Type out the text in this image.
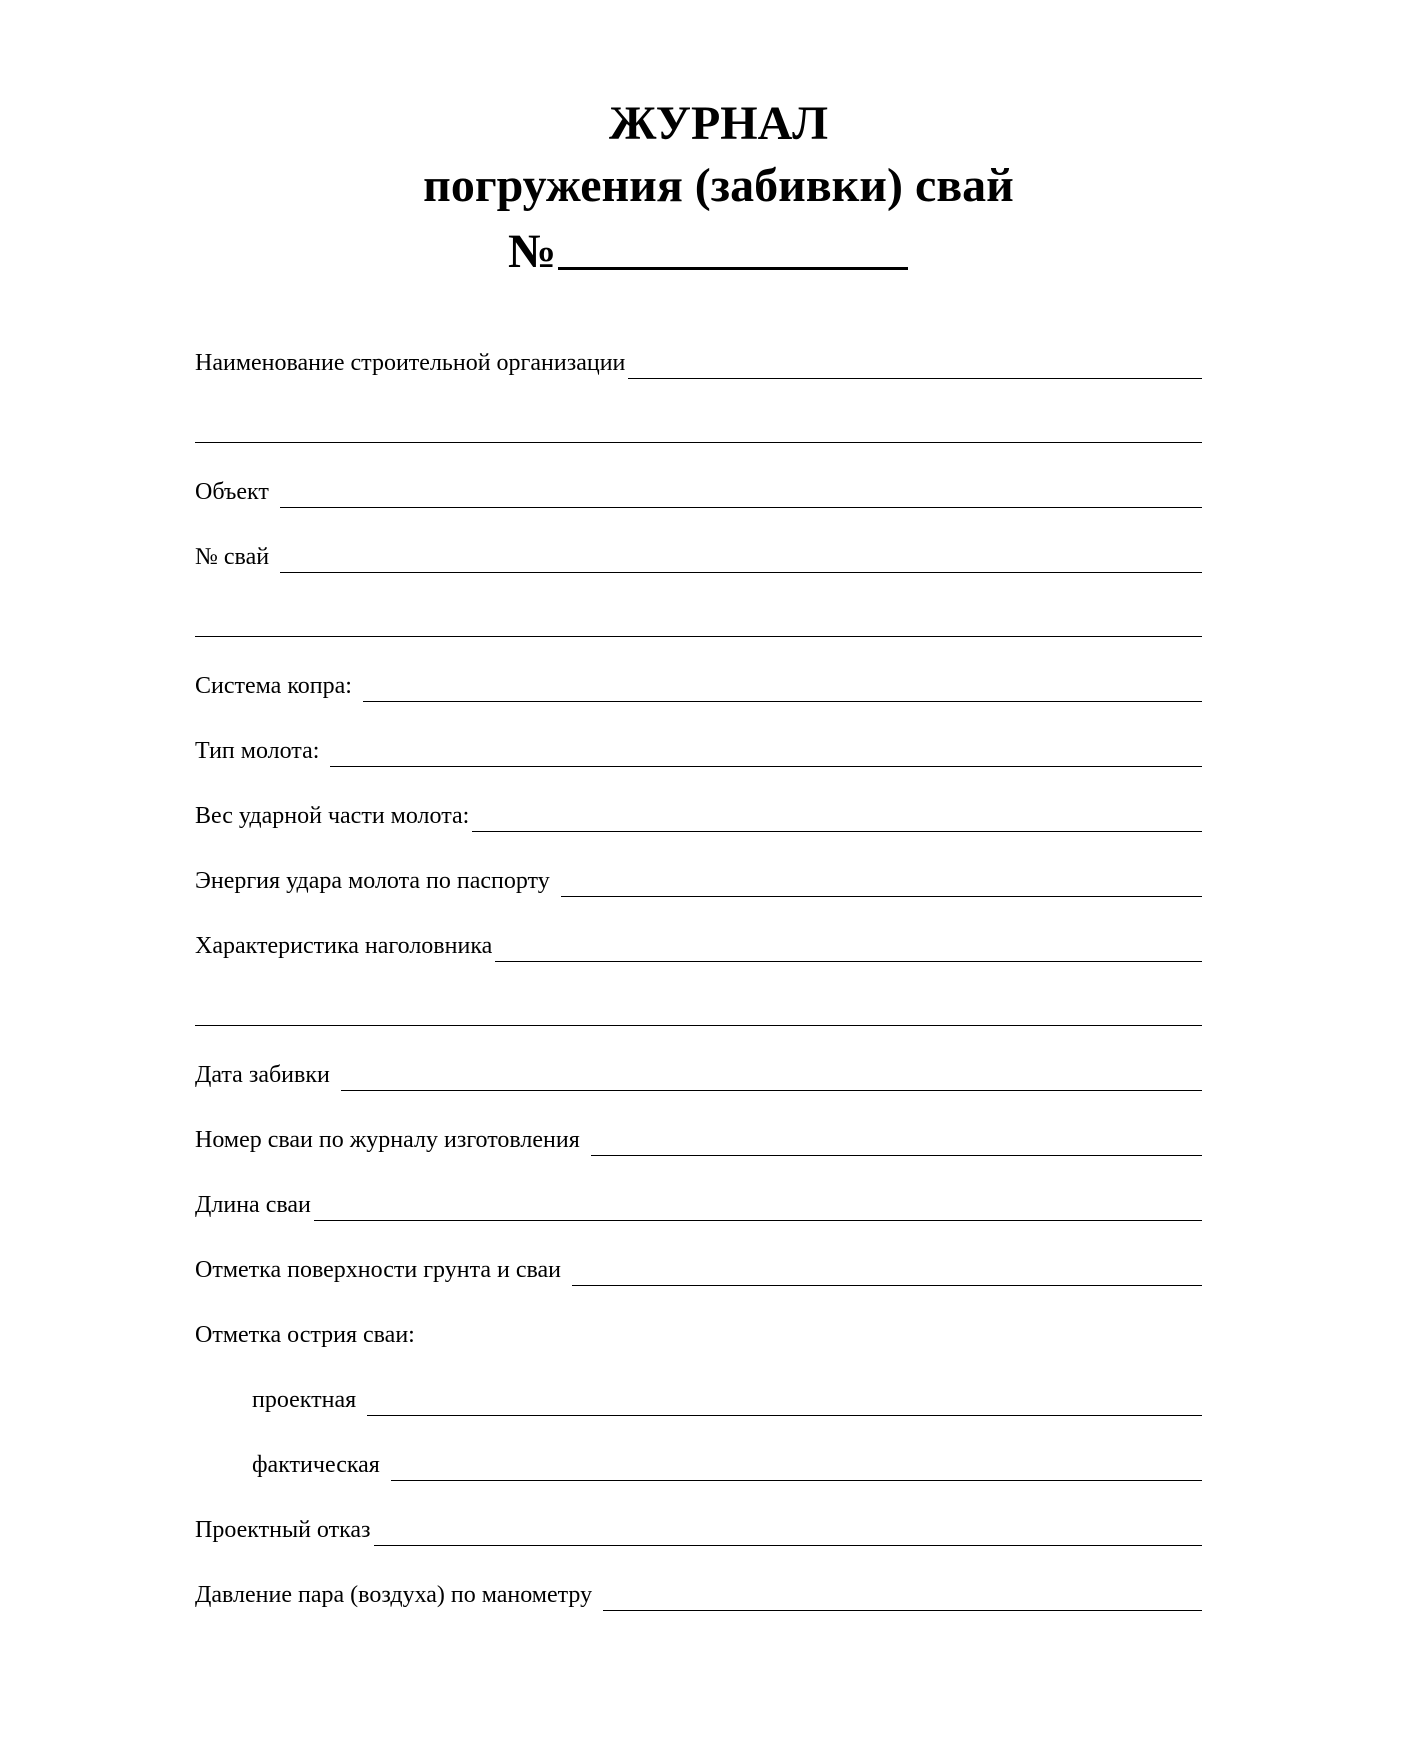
ЖУРНАЛ
погружения (забивки) свай
№
Наименование строительной организации
Объект
№ свай
Система копра:
Тип молота:
Вес ударной части молота:
Энергия удара молота по паспорту
Характеристика наголовника
Дата забивки
Номер сваи по журналу изготовления
Длина сваи
Отметка поверхности грунта и сваи
Отметка острия сваи:
проектная
фактическая
Проектный отказ
Давление пара (воздуха) по манометру
